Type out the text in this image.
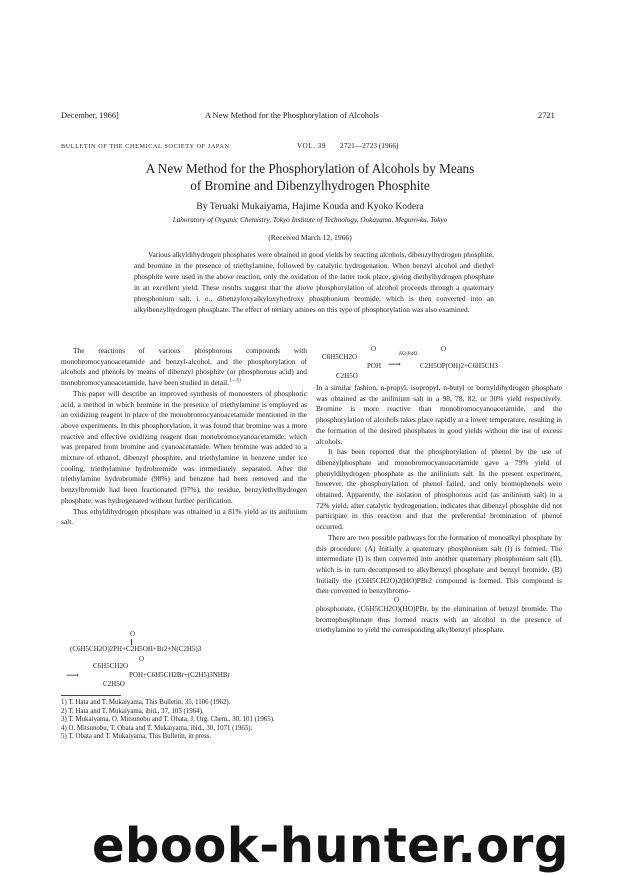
December, 1966]	A New Method for the Phosphorylation of Alcohols	2721
BULLETIN OF THE CHEMICAL SOCIETY OF JAPAN	VOL. 39 2721—2723 (1966)
A New Method for the Phosphorylation of Alcohols by Means
of Bromine and Dibenzylhydrogen Phosphite
By Teruaki Mukaiyama, Hajime Kouda and Kyoko Kodera
Laboratory of Organic Chemistry, Tokyo Institute of Technology, Ookayama, Meguro-ku, Tokyo
(Received March 12, 1966)

Various alkyldihydrogen phosphates were obtained in good yields by reacting alcohols, dibenzylhydrogen phosphite, and bromine in the presence of triethylamine, followed by catalytic hydrogenation. When benzyl alcohol and diethyl phosphite were used in the above reaction, only the oxidation of the latter took place, giving diethylhydrogen phosphate in an excellent yield. These results suggest that the above phosphorylation of alcohol proceeds through a quaternary phosphonium salt, i. e., dibenzyloxyalkyloxyhydroxy phosphonium bromide, which is then converted into an alkylbenzylhydrogen phosphate. The effect of tertiary amines on this type of phosphorylation was also examined.

The reactions of various phosphorous compounds with monobromocyanoacetamide and benzyl-alcohol, and the phosphorylation of alcohols and phenols by means of dibenzyl phosphite (or phosphorous acid) and monobromocyanoacetamide, have been studied in detail.$^{1—5)}$

This paper will describe an improved synthesis of monoesters of phosphoric acid, a method in which bromine in the presence of triethylamine is employed as an oxidizing reagent in place of the monobromocyanoacetamide mentioned in the above experiments. In this phosphorylation, it was found that bromine was a more reactive and effective oxidizing reagent than monobromocyanoacetamide, which was prepared from bromine and cyanoacetamide. When bromine was added to a mixture of ethanol, dibenzyl phosphite, and triethylamine in benzene under ice cooling, triethylamine hydrobromide was immediately separated. After the triethylamine hydrobromide (98%) and benzene had been removed and the benzylbromide had been fractionated (97%), the residue, benzylethylhydrogen phosphate, was hydrogenated without further purification.

Thus ethyldihydrogen phosphate was obtained in a 81% yield as its anilinium salt.

O
(C6H5CH2O)2PH+C2H5OH+Br2+N(C2H5)3
O
C6H5CH2O
⟶	POH+C6H5CH2Br+(C2H5)3NHBr
C2H5O
1) T. Hata and T. Mukaiyama, This Bulletin, 35, 1106 (1962).
2) T. Hata and T. Mukaiyama, ibid., 37, 103 (1964).
3) T. Mukaiyama, O. Mitsunobu and T. Obata, J. Org. Chem., 30, 101 (1965).
4) O. Mitsunobu, T. Obata and T. Mukaiyama, ibid., 30, 1071 (1965).
5) T. Obata and T. Mukaiyama, This Bulletin, in press.
O	O
C6H5CH2O	H2/PdO
POH ⟶	C2H5OP(OH)2+C6H5CH3
C2H5O

In a similar fashion, n-propyl, isopropyl, n-butyl or bornyldihydrogen phosphate was obtained as the anilinium salt in a 98, 78, 82, or 30% yield respectively. Bromine is more reactive than monobromocyanoacetamide, and the phosphorylation of alcohols takes place rapidly at a lower temperature, resulting in the formation of the desired phosphates in good yields without the use of excess alcohols.

It has been reported that the phosphorylation of phenol by the use of dibenzylphosphate and monobromocyanoacetamide gave a 79% yield of phenyldihydrogen phosphate as the anilinium salt. In the present experiment, however, the phosphorylation of phenol failed, and only bromophenols were obtained. Apparently, the isolation of phosphorous acid (as anilinium salt) in a 72% yield, after catalytic hydrogenation, indicates that dibenzyl phosphite did not participate in this reaction and that the preferential bromination of phenol occurred.

There are two possible pathways for the formation of monoalkyl phosphate by this procedure: (A) Initially a quaternary phosphonium salt (I) is formed. The intermediate (I) is then converted into another quaternary phosphonium salt (II), which is in turn decomposed to alkylbenzyl phosphate and benzyl bromide. (B) Initially the (C6H5CH2O)2(HO)PBr2 compound is formed. This compound is then converted to benzylbromo-

O

phosphonate, (C6H5CH2O)(HO)PBr, by the elimination of benzyl bromide. The bromophosphonate thus formed reacts with an alcohol in the presence of triethylamine to yield the corresponding alkylbenzyl phosphate.

ebook-hunter.org
